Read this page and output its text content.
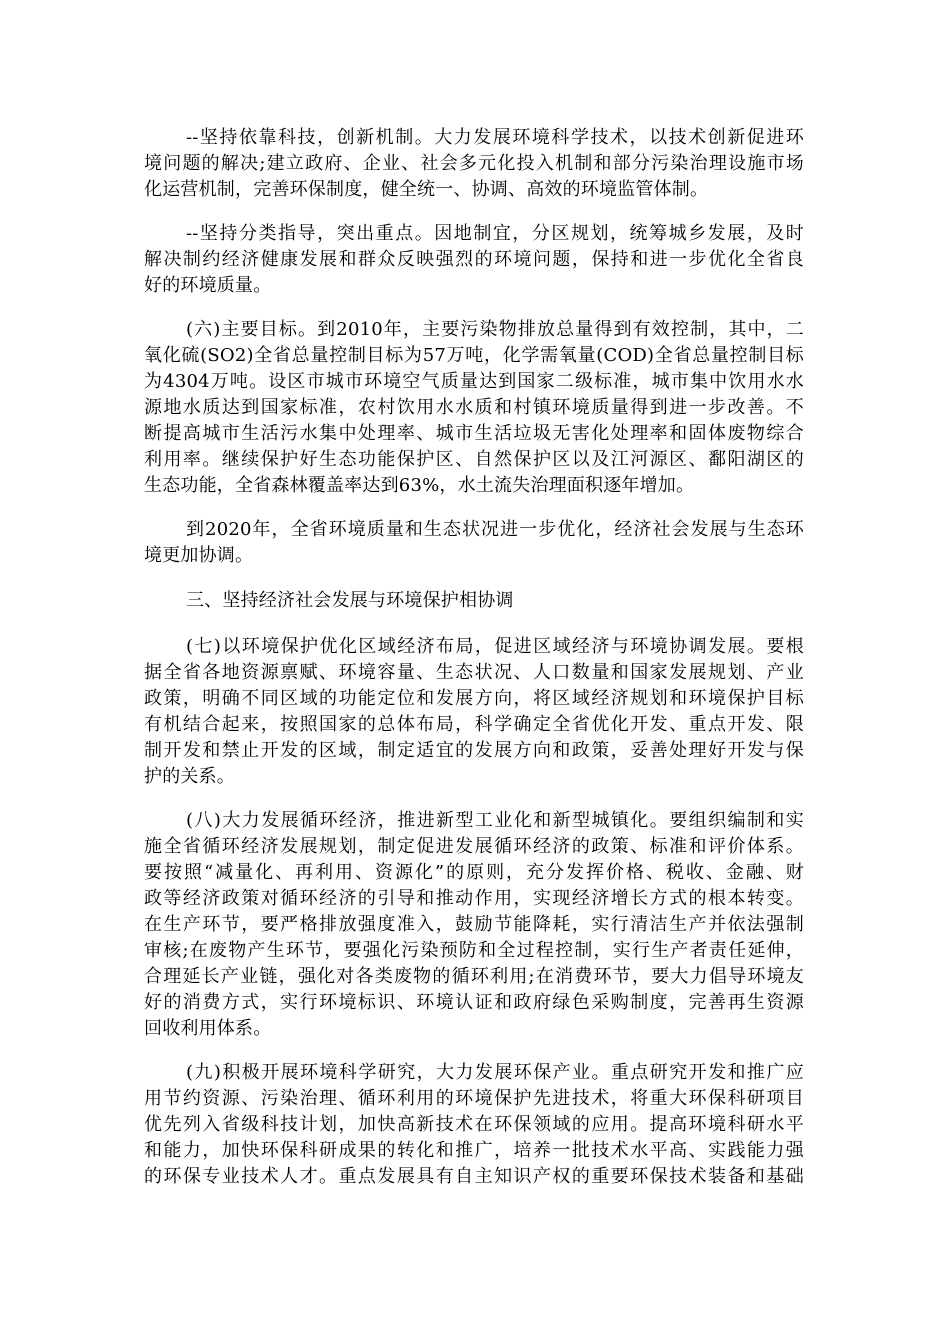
--坚持依靠科技，创新机制。大力发展环境科学技术，以技术创新促进环
境问题的解决;建立政府、企业、社会多元化投入机制和部分污染治理设施市场
化运营机制，完善环保制度，健全统一、协调、高效的环境监管体制。
--坚持分类指导，突出重点。因地制宜，分区规划，统筹城乡发展，及时
解决制约经济健康发展和群众反映强烈的环境问题，保持和进一步优化全省良
好的环境质量。
(六)主要目标。到2010年，主要污染物排放总量得到有效控制，其中，二
氧化硫(SO2)全省总量控制目标为57万吨，化学需氧量(COD)全省总量控制目标
为4304万吨。设区市城市环境空气质量达到国家二级标准，城市集中饮用水水
源地水质达到国家标准，农村饮用水水质和村镇环境质量得到进一步改善。不
断提高城市生活污水集中处理率、城市生活垃圾无害化处理率和固体废物综合
利用率。继续保护好生态功能保护区、自然保护区以及江河源区、鄱阳湖区的
生态功能，全省森林覆盖率达到63%，水土流失治理面积逐年增加。
到2020年，全省环境质量和生态状况进一步优化，经济社会发展与生态环
境更加协调。
三、坚持经济社会发展与环境保护相协调
(七)以环境保护优化区域经济布局，促进区域经济与环境协调发展。要根
据全省各地资源禀赋、环境容量、生态状况、人口数量和国家发展规划、产业
政策，明确不同区域的功能定位和发展方向，将区域经济规划和环境保护目标
有机结合起来，按照国家的总体布局，科学确定全省优化开发、重点开发、限
制开发和禁止开发的区域，制定适宜的发展方向和政策，妥善处理好开发与保
护的关系。
(八)大力发展循环经济，推进新型工业化和新型城镇化。要组织编制和实
施全省循环经济发展规划，制定促进发展循环经济的政策、标准和评价体系。
要按照“减量化、再利用、资源化”的原则，充分发挥价格、税收、金融、财
政等经济政策对循环经济的引导和推动作用，实现经济增长方式的根本转变。
在生产环节，要严格排放强度准入，鼓励节能降耗，实行清洁生产并依法强制
审核;在废物产生环节，要强化污染预防和全过程控制，实行生产者责任延伸，
合理延长产业链，强化对各类废物的循环利用;在消费环节，要大力倡导环境友
好的消费方式，实行环境标识、环境认证和政府绿色采购制度，完善再生资源
回收利用体系。
(九)积极开展环境科学研究，大力发展环保产业。重点研究开发和推广应
用节约资源、污染治理、循环利用的环境保护先进技术，将重大环保科研项目
优先列入省级科技计划，加快高新技术在环保领域的应用。提高环境科研水平
和能力，加快环保科研成果的转化和推广，培养一批技术水平高、实践能力强
的环保专业技术人才。重点发展具有自主知识产权的重要环保技术装备和基础
